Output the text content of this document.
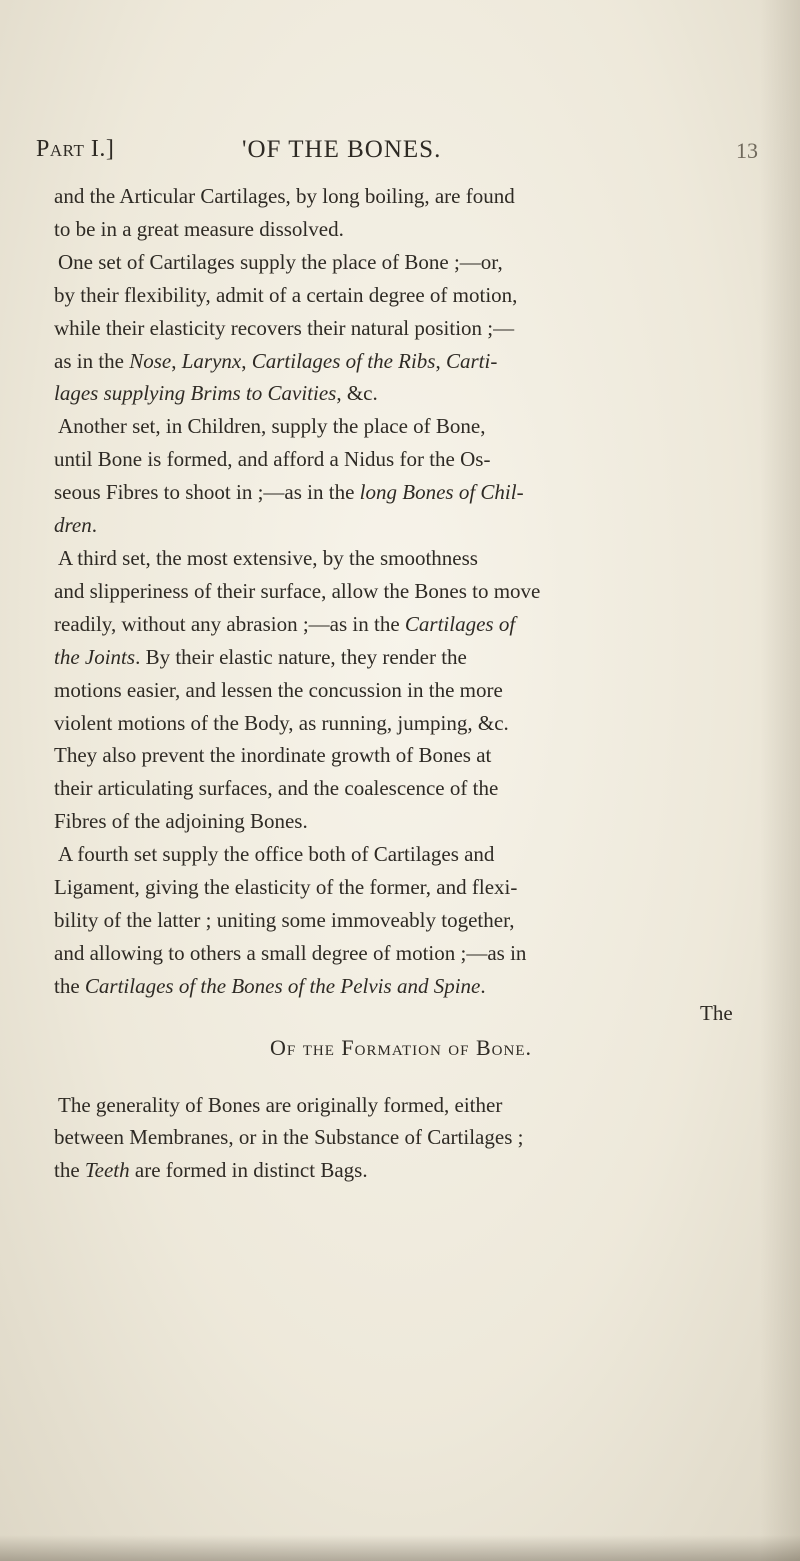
Part I.]	'OF THE BONES.	13

and the Articular Cartilages, by long boiling, are found
to be in a great measure dissolved.

One set of Cartilages supply the place of Bone ;—or,
by their flexibility, admit of a certain degree of motion,
while their elasticity recovers their natural position ;—
as in the Nose, Larynx, Cartilages of the Ribs, Carti-
lages supplying Brims to Cavities, &c.

Another set, in Children, supply the place of Bone,
until Bone is formed, and afford a Nidus for the Os-
seous Fibres to shoot in ;—as in the long Bones of Chil-
dren.

A third set, the most extensive, by the smoothness
and slipperiness of their surface, allow the Bones to move
readily, without any abrasion ;—as in the Cartilages of
the Joints. By their elastic nature, they render the
motions easier, and lessen the concussion in the more
violent motions of the Body, as running, jumping, &c.
They also prevent the inordinate growth of Bones at
their articulating surfaces, and the coalescence of the
Fibres of the adjoining Bones.

A fourth set supply the office both of Cartilages and
Ligament, giving the elasticity of the former, and flexi-
bility of the latter ; uniting some immoveably together,
and allowing to others a small degree of motion ;—as in
the Cartilages of the Bones of the Pelvis and Spine.

Of the Formation of Bone.

The generality of Bones are originally formed, either
between Membranes, or in the Substance of Cartilages ;
the Teeth are formed in distinct Bags.

The
